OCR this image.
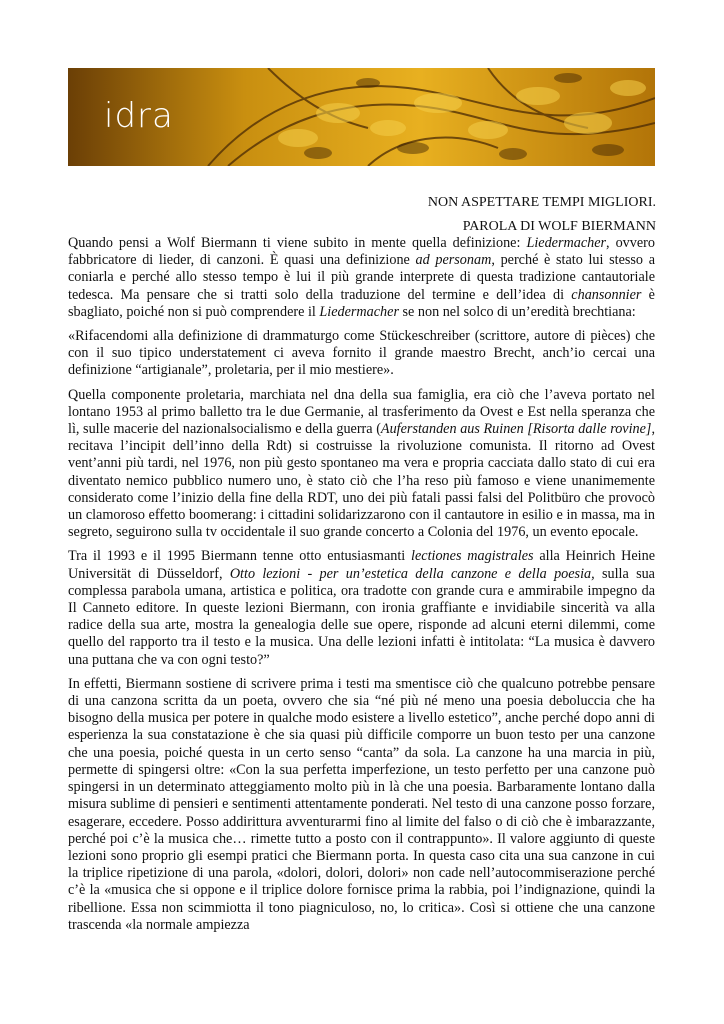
idra
NON ASPETTARE TEMPI MIGLIORI.
PAROLA DI WOLF BIERMANN

Quando pensi a Wolf Biermann ti viene subito in mente quella definizione: Liedermacher, ovvero fabbricatore di lieder, di canzoni. È quasi una definizione ad personam, perché è stato lui stesso a coniarla e perché allo stesso tempo è lui il più grande interprete di questa tradizione cantautoriale tedesca. Ma pensare che si tratti solo della traduzione del termine e dell’idea di chansonnier è sbagliato, poiché non si può comprendere il Liedermacher se non nel solco di un’eredità brechtiana:

«Rifacendomi alla definizione di drammaturgo come Stückeschreiber (scrittore, autore di pièces) che con il suo tipico understatement ci aveva fornito il grande maestro Brecht, anch’io cercai una definizione “artigianale”, proletaria, per il mio mestiere».

Quella componente proletaria, marchiata nel dna della sua famiglia, era ciò che l’aveva portato nel lontano 1953 al primo balletto tra le due Germanie, al trasferimento da Ovest e Est nella speranza che lì, sulle macerie del nazionalsocialismo e della guerra (Auferstanden aus Ruinen [Risorta dalle rovine], recitava l’incipit dell’inno della Rdt) si costruisse la rivoluzione comunista. Il ritorno ad Ovest vent’anni più tardi, nel 1976, non più gesto spontaneo ma vera e propria cacciata dallo stato di cui era diventato nemico pubblico numero uno, è stato ciò che l’ha reso più famoso e viene unanimemente considerato come l’inizio della fine della RDT, uno dei più fatali passi falsi del Politbüro che provocò un clamoroso effetto boomerang: i cittadini solidarizzarono con il cantautore in esilio e in massa, ma in segreto, seguirono sulla tv occidentale il suo grande concerto a Colonia del 1976, un evento epocale.

Tra il 1993 e il 1995 Biermann tenne otto entusiasmanti lectiones magistrales alla Heinrich Heine Universität di Düsseldorf, Otto lezioni - per un’estetica della canzone e della poesia, sulla sua complessa parabola umana, artistica e politica, ora tradotte con grande cura e ammirabile impegno da Il Canneto editore. In queste lezioni Biermann, con ironia graffiante e invidiabile sincerità va alla radice della sua arte, mostra la genealogia delle sue opere, risponde ad alcuni eterni dilemmi, come quello del rapporto tra il testo e la musica. Una delle lezioni infatti è intitolata: “La musica è davvero una puttana che va con ogni testo?”

In effetti, Biermann sostiene di scrivere prima i testi ma smentisce ciò che qualcuno potrebbe pensare di una canzona scritta da un poeta, ovvero che sia “né più né meno una poesia deboluccia che ha bisogno della musica per potere in qualche modo esistere a livello estetico”, anche perché dopo anni di esperienza la sua constatazione è che sia quasi più difficile comporre un buon testo per una canzone che una poesia, poiché questa in un certo senso “canta” da sola. La canzone ha una marcia in più, permette di spingersi oltre: «Con la sua perfetta imperfezione, un testo perfetto per una canzone può spingersi in un determinato atteggiamento molto più in là che una poesia. Barbaramente lontano dalla misura sublime di pensieri e sentimenti attentamente ponderati. Nel testo di una canzone posso forzare, esagerare, eccedere. Posso addirittura avventurarmi fino al limite del falso o di ciò che è imbarazzante, perché poi c’è la musica che… rimette tutto a posto con il contrappunto». Il valore aggiunto di queste lezioni sono proprio gli esempi pratici che Biermann porta. In questa caso cita una sua canzone in cui la triplice ripetizione di una parola, «dolori, dolori, dolori» non cade nell’autocommiserazione perché c’è la «musica che si oppone e il triplice dolore fornisce prima la rabbia, poi l’indignazione, quindi la ribellione. Essa non scimmiotta il tono piagniculoso, no, lo critica». Così si ottiene che una canzone trascenda «la normale ampiezza
